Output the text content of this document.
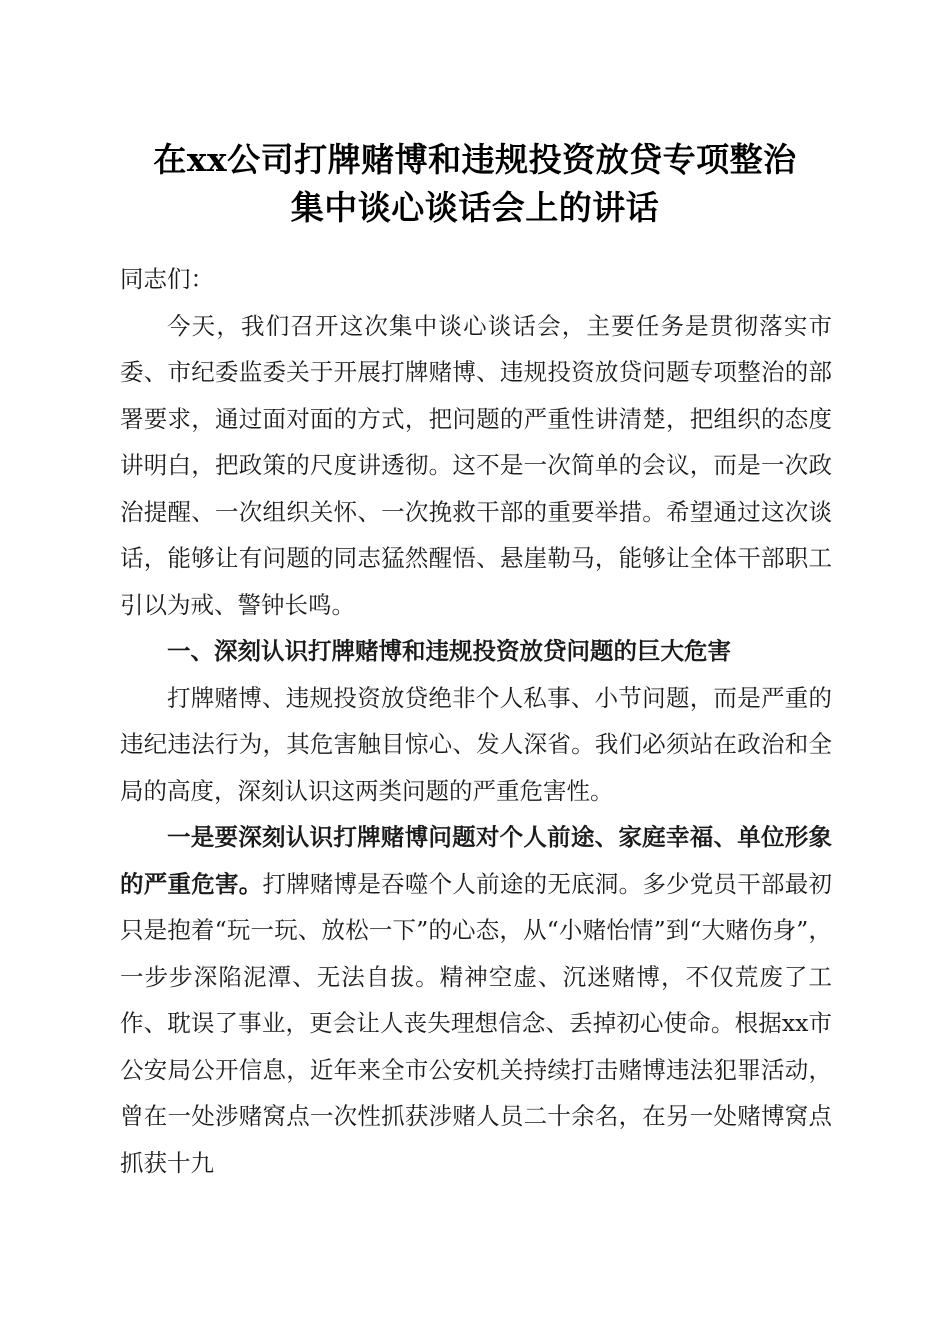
在xx公司打牌赌博和违规投资放贷专项整治
集中谈心谈话会上的讲话

同志们：

今天，我们召开这次集中谈心谈话会，主要任务是贯彻落实市委、市纪委监委关于开展打牌赌博、违规投资放贷问题专项整治的部署要求，通过面对面的方式，把问题的严重性讲清楚，把组织的态度讲明白，把政策的尺度讲透彻。这不是一次简单的会议，而是一次政治提醒、一次组织关怀、一次挽救干部的重要举措。希望通过这次谈话，能够让有问题的同志猛然醒悟、悬崖勒马，能够让全体干部职工引以为戒、警钟长鸣。

一、深刻认识打牌赌博和违规投资放贷问题的巨大危害

打牌赌博、违规投资放贷绝非个人私事、小节问题，而是严重的违纪违法行为，其危害触目惊心、发人深省。我们必须站在政治和全局的高度，深刻认识这两类问题的严重危害性。

一是要深刻认识打牌赌博问题对个人前途、家庭幸福、单位形象的严重危害。打牌赌博是吞噬个人前途的无底洞。多少党员干部最初只是抱着“玩一玩、放松一下”的心态，从“小赌怡情”到“大赌伤身”，一步步深陷泥潭、无法自拔。精神空虚、沉迷赌博，不仅荒废了工作、耽误了事业，更会让人丧失理想信念、丢掉初心使命。根据xx市公安局公开信息，近年来全市公安机关持续打击赌博违法犯罪活动，曾在一处涉赌窝点一次性抓获涉赌人员二十余名，在另一处赌博窝点抓获十九
